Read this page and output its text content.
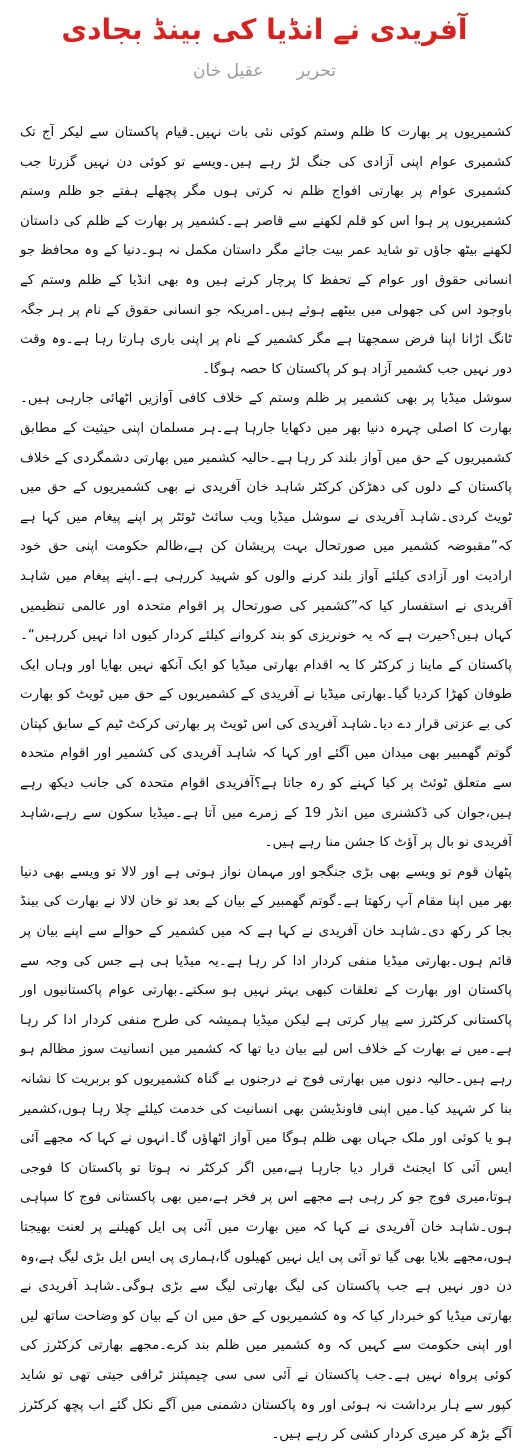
آفریدی نے انڈیا کی بینڈ بجادی
تحریر عقیل خان

کشمیریوں پر بھارت کا ظلم وستم کوئی نئی بات نہیں۔قیام پاکستان سے لیکر آج تک کشمیری عوام اپنی آزادی کی جنگ لڑ رہے ہیں۔ویسے تو کوئی دن نہیں گزرتا جب کشمیری عوام پر بھارتی افواج ظلم نہ کرتی ہوں مگر پچھلے ہفتے جو ظلم وستم کشمیریوں پر ہوا اس کو قلم لکھنے سے قاصر ہے۔کشمیر پر بھارت کے ظلم کی داستان لکھنے بیٹھ جاؤں تو شاید عمر بیت جائے مگر داستان مکمل نہ ہو۔دنیا کے وہ محافظ جو انسانی حقوق اور عوام کے تحفظ کا پرچار کرتے ہیں وہ بھی انڈیا کے ظلم وستم کے باوجود اس کی جھولی میں بیٹھے ہوئے ہیں۔امریکہ جو انسانی حقوق کے نام پر ہر جگہ ٹانگ اڑانا اپنا فرض سمجھتا ہے مگر کشمیر کے نام پر اپنی باری ہارتا رہا ہے۔وہ وقت دور نہیں جب کشمیر آزاد ہو کر پاکستان کا حصہ ہوگا۔

سوشل میڈیا پر بھی کشمیر پر ظلم وستم کے خلاف کافی آوازیں اٹھائی جارہی ہیں۔بھارت کا اصلی چہرہ دنیا بھر میں دکھایا جارہا ہے۔ہر مسلمان اپنی حیثیت کے مطابق کشمیریوں کے حق میں آواز بلند کر رہا ہے۔حالیہ کشمیر میں بھارتی دشمگردی کے خلاف پاکستان کے دلوں کی دھڑکن کرکٹر شاہد خان آفریدی نے بھی کشمیریوں کے حق میں ٹویٹ کردی۔شاہد آفریدی نے سوشل میڈیا ویب سائٹ ٹوئٹر پر اپنے پیغام میں کہا ہے کہ”مقبوضہ کشمیر میں صورتحال بہت پریشان کن ہے،ظالم حکومت اپنی حق خود ارادیت اور آزادی کیلئے آواز بلند کرنے والوں کو شہید کررہی ہے۔اپنے پیغام میں شاہد آفریدی نے استفسار کیا کہ”کشمیر کی صورتحال پر اقوام متحدہ اور عالمی تنظیمیں کہاں ہیں؟حیرت ہے کہ یہ خونریزی کو بند کروانے کیلئے کردار کیوں ادا نہیں کررہیں“۔پاکستان کے ماینا ز کرکٹر کا یہ اقدام بھارتی میڈیا کو ایک آنکھ نہیں بھایا اور وہاں ایک طوفان کھڑا کردیا گیا۔بھارتی میڈیا نے آفریدی کے کشمیریوں کے حق میں ٹویٹ کو بھارت کی بے عزتی قرار دے دیا۔شاہد آفریدی کی اس ٹویٹ پر بھارتی کرکٹ ٹیم کے سابق کپتان گوتم گھمبیر بھی میدان میں آگئے اور کہا کہ شاہد آفریدی کی کشمیر اور اقوام متحدہ سے متعلق ٹوئٹ پر کیا کہنے کو رہ جاتا ہے؟آفریدی اقوام متحدہ کی جانب دیکھ رہے ہیں،جوان کی ڈکشنری میں انڈر 19 کے زمرے میں آتا ہے۔میڈیا سکون سے رہے،شاہد آفریدی نو بال پر آؤٹ کا جشن منا رہے ہیں۔

پٹھان قوم تو ویسے بھی بڑی جنگجو اور مہمان نواز ہوتی ہے اور لالا تو ویسے بھی دنیا بھر میں اپنا مقام آپ رکھتا ہے۔گوتم گھمبیر کے بیان کے بعد تو خان لالا نے بھارت کی بینڈ بجا کر رکھ دی۔شاہد خان آفریدی نے کہا ہے کہ میں کشمیر کے حوالے سے اپنے بیان پر قائم ہوں۔بھارتی میڈیا منفی کردار ادا کر رہا ہے۔یہ میڈیا ہی ہے جس کی وجہ سے پاکستان اور بھارت کے تعلقات کبھی بہتر نہیں ہو سکتے۔بھارتی عوام پاکستانیوں اور پاکستانی کرکٹرز سے پیار کرتی ہے لیکن میڈیا ہمیشہ کی طرح منفی کردار ادا کر رہا ہے۔میں نے بھارت کے خلاف اس لیے بیان دیا تھا کہ کشمیر میں انسانیت سوز مظالم ہو رہے ہیں۔حالیہ دنوں میں بھارتی فوج نے درجنوں بے گناہ کشمیریوں کو بربریت کا نشانہ بنا کر شہید کیا۔میں اپنی فاونڈیشن بھی انسانیت کی خدمت کیلئے چلا رہا ہوں،کشمیر ہو یا کوئی اور ملک جہاں بھی ظلم ہوگا میں آواز اٹھاؤں گا۔انہوں نے کہا کہ مجھے آئی ایس آئی کا ایجنٹ قرار دیا جارہا ہے،میں اگر کرکٹر نہ ہوتا تو پاکستان کا فوجی ہوتا،میری فوج جو کر رہی ہے مجھے اس پر فخر ہے،میں بھی پاکستانی فوج کا سپاہی ہوں۔شاہد خان آفریدی نے کہا کہ میں بھارت میں آئی پی ایل کھیلنے پر لعنت بھیجتا ہوں،مجھے بلایا بھی گیا تو آئی پی ایل نہیں کھیلوں گا،ہماری پی ایس ایل بڑی لیگ ہے،وہ دن دور نہیں ہے جب پاکستان کی لیگ بھارتی لیگ سے بڑی ہوگی۔شاہد آفریدی نے بھارتی میڈیا کو خبردار کیا کہ وہ کشمیریوں کے حق میں ان کے بیان کو وضاحت ساتھ لیں اور اپنی حکومت سے کہیں کہ وہ کشمیر میں ظلم بند کرے۔مجھے بھارتی کرکٹرز کی کوئی پرواہ نہیں ہے۔جب پاکستان نے آئی سی سی چیمپئنز ٹرافی جیتی تھی تو شاید کپور سے ہار برداشت نہ ہوئی اور وہ پاکستان دشمنی میں آگے نکل گئے اب پچھ کرکٹرز آگے بڑھ کر میری کردار کشی کر رہے ہیں۔
